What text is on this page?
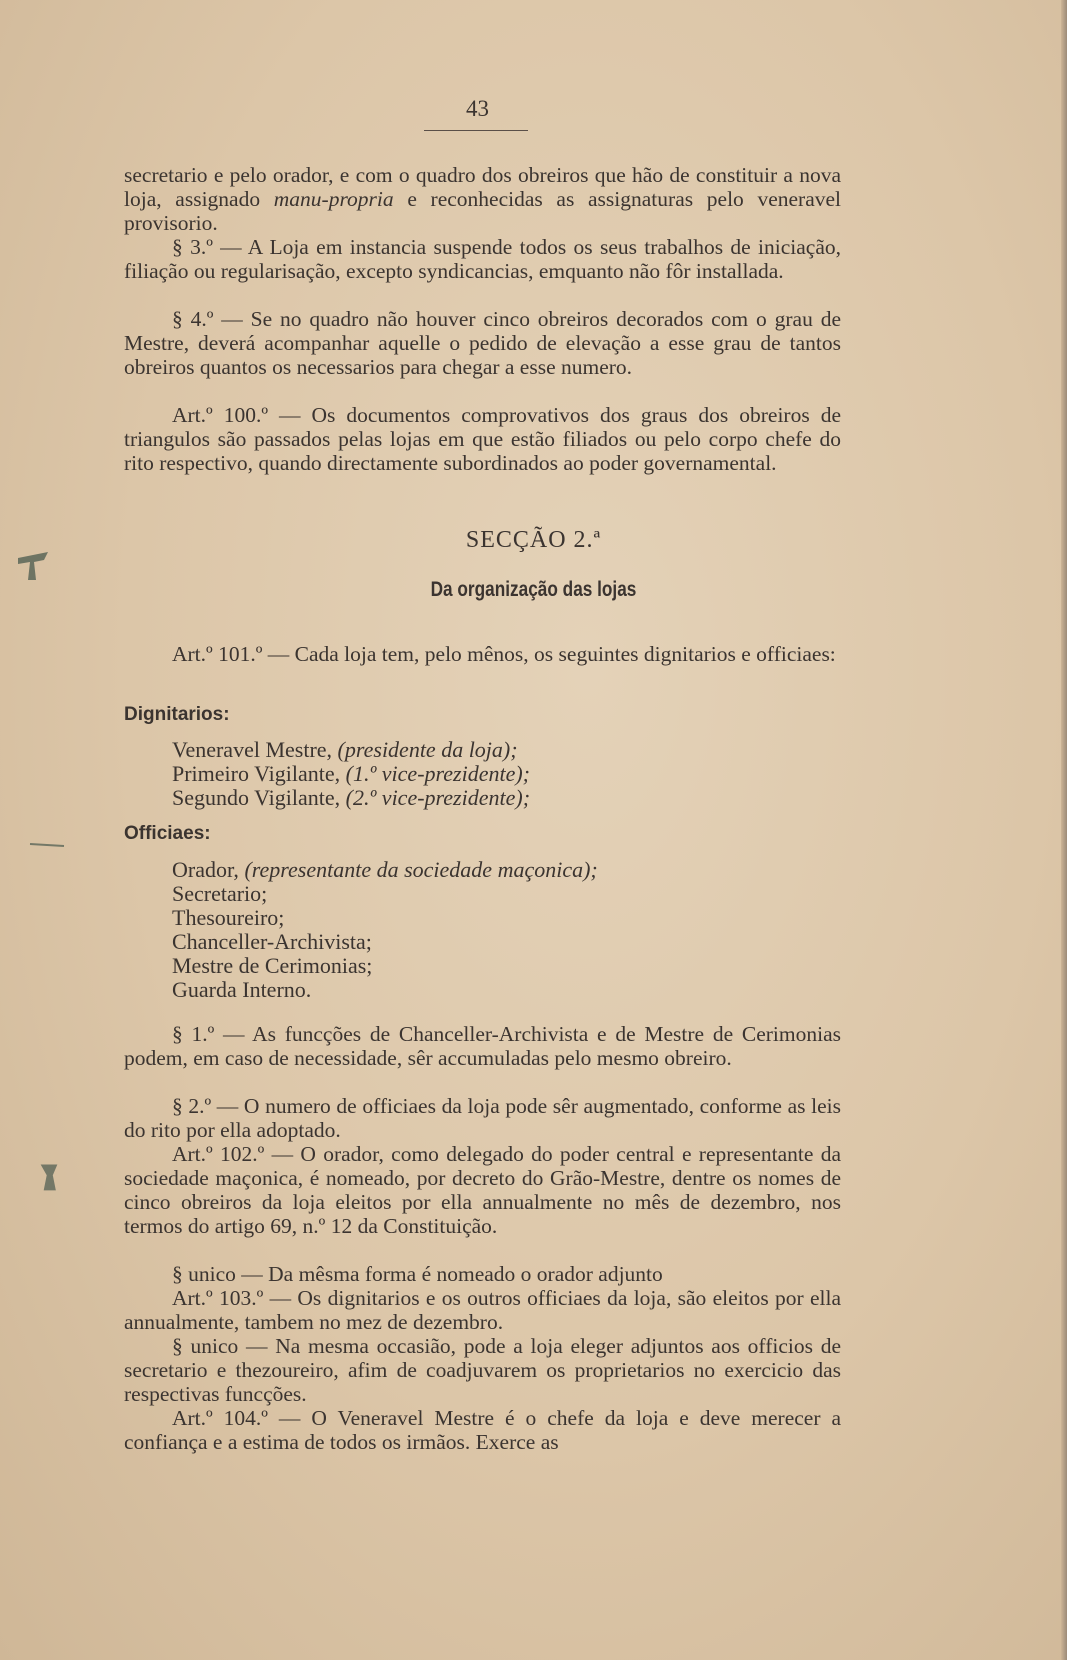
43

secretario e pelo orador, e com o quadro dos obreiros que hão de constituir a nova loja, assignado manu-propria e reconhecidas as assignaturas pelo veneravel provisorio.

§ 3.º — A Loja em instancia suspende todos os seus trabalhos de iniciação, filiação ou regularisação, excepto syndicancias, emquanto não fôr installada.

§ 4.º — Se no quadro não houver cinco obreiros decorados com o grau de Mestre, deverá acompanhar aquelle o pedido de elevação a esse grau de tantos obreiros quantos os necessarios para chegar a esse numero.

Art.º 100.º — Os documentos comprovativos dos graus dos obreiros de triangulos são passados pelas lojas em que estão filiados ou pelo corpo chefe do rito respectivo, quando directamente subordinados ao poder governamental.

SECÇÃO 2.ª
Da organização das lojas

Art.º 101.º — Cada loja tem, pelo mênos, os seguintes dignitarios e officiaes:

Dignitarios:
Veneravel Mestre, (presidente da loja);
Primeiro Vigilante, (1.º vice-prezidente);
Segundo Vigilante, (2.º vice-prezidente);
Officiaes:
Orador, (representante da sociedade maçonica);
Secretario;
Thesoureiro;
Chanceller-Archivista;
Mestre de Cerimonias;
Guarda Interno.

§ 1.º — As funcções de Chanceller-Archivista e de Mestre de Cerimonias podem, em caso de necessidade, sêr accumuladas pelo mesmo obreiro.

§ 2.º — O numero de officiaes da loja pode sêr augmentado, conforme as leis do rito por ella adoptado.

Art.º 102.º — O orador, como delegado do poder central e representante da sociedade maçonica, é nomeado, por decreto do Grão-Mestre, dentre os nomes de cinco obreiros da loja eleitos por ella annualmente no mês de dezembro, nos termos do artigo 69, n.º 12 da Constituição.

§ unico — Da mêsma forma é nomeado o orador adjunto

Art.º 103.º — Os dignitarios e os outros officiaes da loja, são eleitos por ella annualmente, tambem no mez de dezembro.

§ unico — Na mesma occasião, pode a loja eleger adjuntos aos officios de secretario e thezoureiro, afim de coadjuvarem os proprietarios no exercicio das respectivas funcções.

Art.º 104.º — O Veneravel Mestre é o chefe da loja e deve merecer a confiança e a estima de todos os irmãos. Exerce as
